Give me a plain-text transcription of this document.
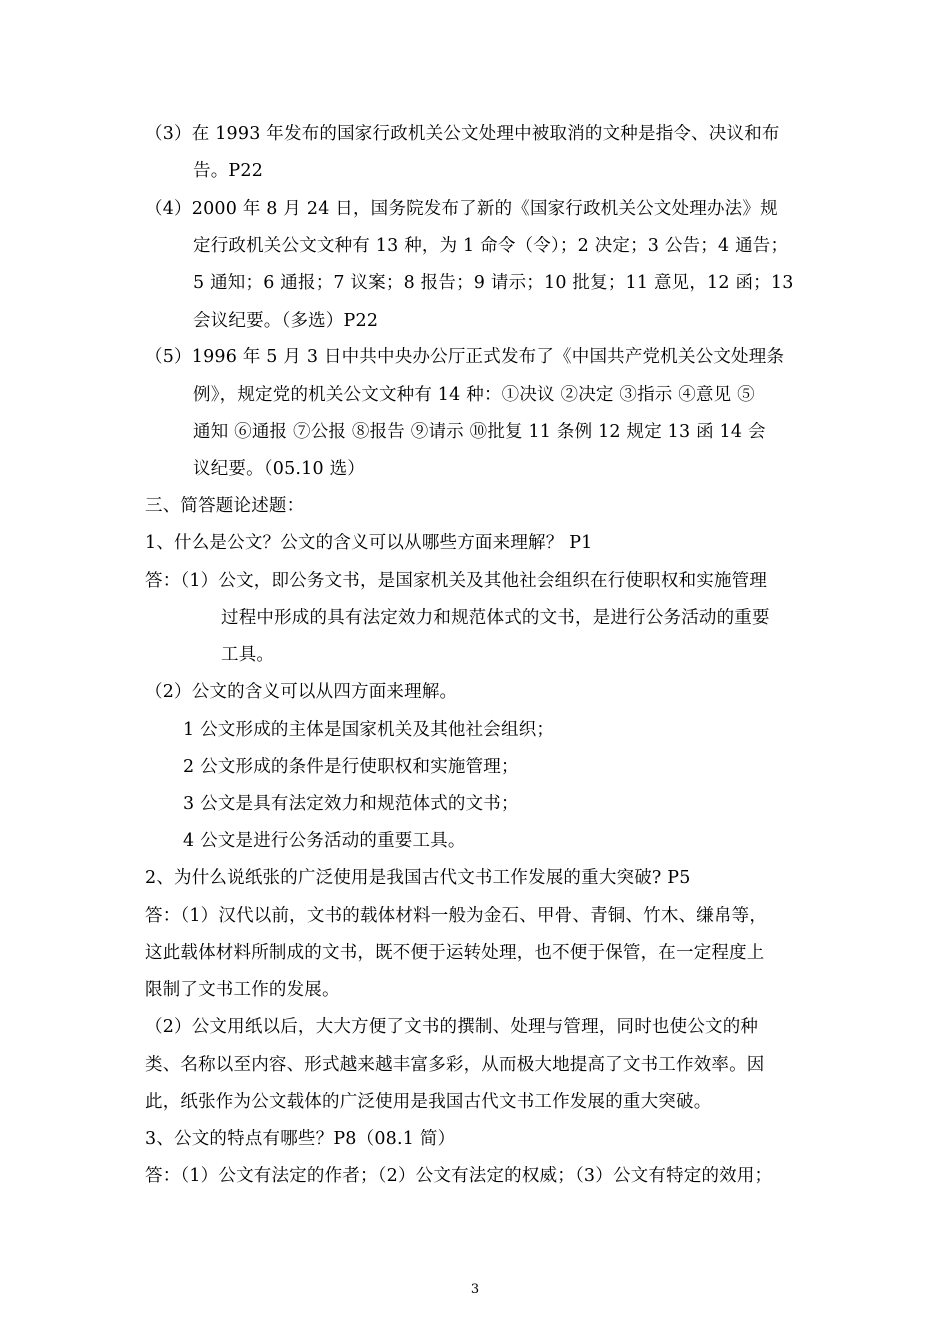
（3）在 1993 年发布的国家行政机关公文处理中被取消的文种是指令、决议和布
告。P22
（4）2000 年 8 月 24 日，国务院发布了新的《国家行政机关公文处理办法》规
定行政机关公文文种有 13 种，为 1 命令（令）；2 决定；3 公告；4 通告；
5 通知；6 通报；7 议案；8 报告；9 请示；10 批复；11 意见，12 函；13
会议纪要。（多选）P22
（5）1996 年 5 月 3 日中共中央办公厅正式发布了《中国共产党机关公文处理条
例》，规定党的机关公文文种有 14 种：①决议 ②决定 ③指示 ④意见 ⑤
通知 ⑥通报 ⑦公报 ⑧报告 ⑨请示 ⑩批复 11 条例 12 规定 13 函 14 会
议纪要。（05.10 选）
三、简答题论述题：
1、什么是公文？公文的含义可以从哪些方面来理解？ P1
答：（1）公文，即公务文书，是国家机关及其他社会组织在行使职权和实施管理
过程中形成的具有法定效力和规范体式的文书，是进行公务活动的重要
工具。
（2）公文的含义可以从四方面来理解。
1 公文形成的主体是国家机关及其他社会组织；
2 公文形成的条件是行使职权和实施管理；
3 公文是具有法定效力和规范体式的文书；
4 公文是进行公务活动的重要工具。
2、为什么说纸张的广泛使用是我国古代文书工作发展的重大突破? P5
答：（1）汉代以前，文书的载体材料一般为金石、甲骨、青铜、竹木、缣帛等，
这此载体材料所制成的文书，既不便于运转处理，也不便于保管，在一定程度上
限制了文书工作的发展。
（2）公文用纸以后，大大方便了文书的撰制、处理与管理，同时也使公文的种
类、名称以至内容、形式越来越丰富多彩，从而极大地提高了文书工作效率。因
此，纸张作为公文载体的广泛使用是我国古代文书工作发展的重大突破。
3、公文的特点有哪些？P8（08.1 简）
答：（1）公文有法定的作者；（2）公文有法定的权威；（3）公文有特定的效用；
3
